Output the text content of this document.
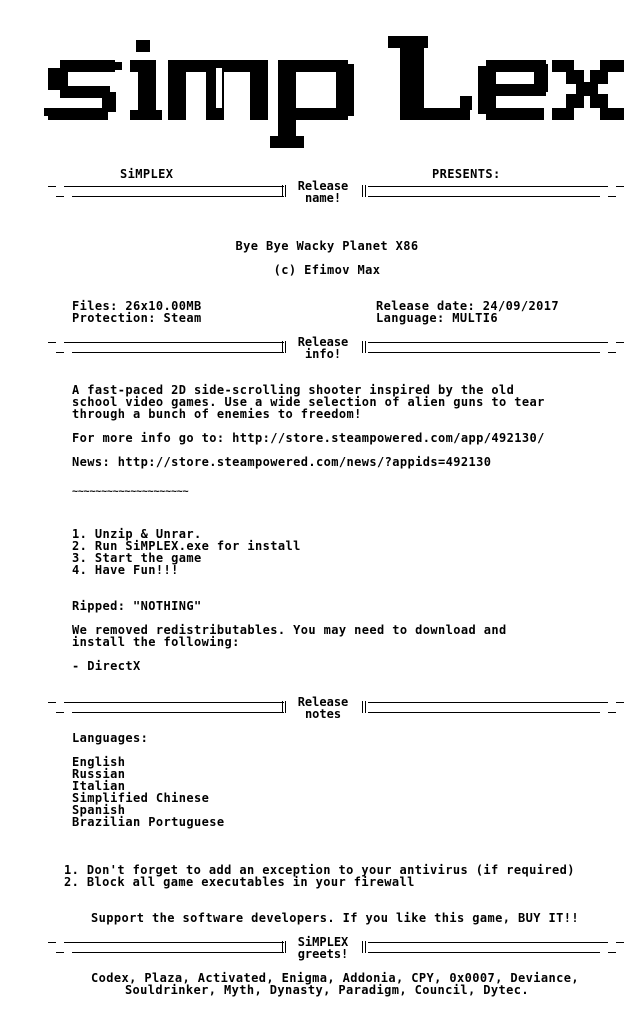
SiMPLEX	PRESENTS:
Release
name!
Bye Bye Wacky Planet X86
(c) Efimov Max
Files: 26x10.00MB
Protection: Steam
Release date: 24/09/2017
Language: MULTI6
Release
info!
A fast-paced 2D side-scrolling shooter inspired by the old
school video games. Use a wide selection of alien guns to tear
through a bunch of enemies to freedom!
For more info go to: http://store.steampowered.com/app/492130/
News: http://store.steampowered.com/news/?appids=492130
~~~~~~~~~~~~~~~~~~~~
1. Unzip & Unrar.
2. Run SiMPLEX.exe for install
3. Start the game
4. Have Fun!!!
Ripped: "NOTHING"
We removed redistributables. You may need to download and
install the following:
- DirectX
Release
notes
Languages:
English
Russian
Italian
Simplified Chinese
Spanish
Brazilian Portuguese
1. Don't forget to add an exception to your antivirus (if required)
2. Block all game executables in your firewall
Support the software developers. If you like this game, BUY IT!!
SiMPLEX
greets!
Codex, Plaza, Activated, Enigma, Addonia, CPY, 0x0007, Deviance,
Souldrinker, Myth, Dynasty, Paradigm, Council, Dytec.
